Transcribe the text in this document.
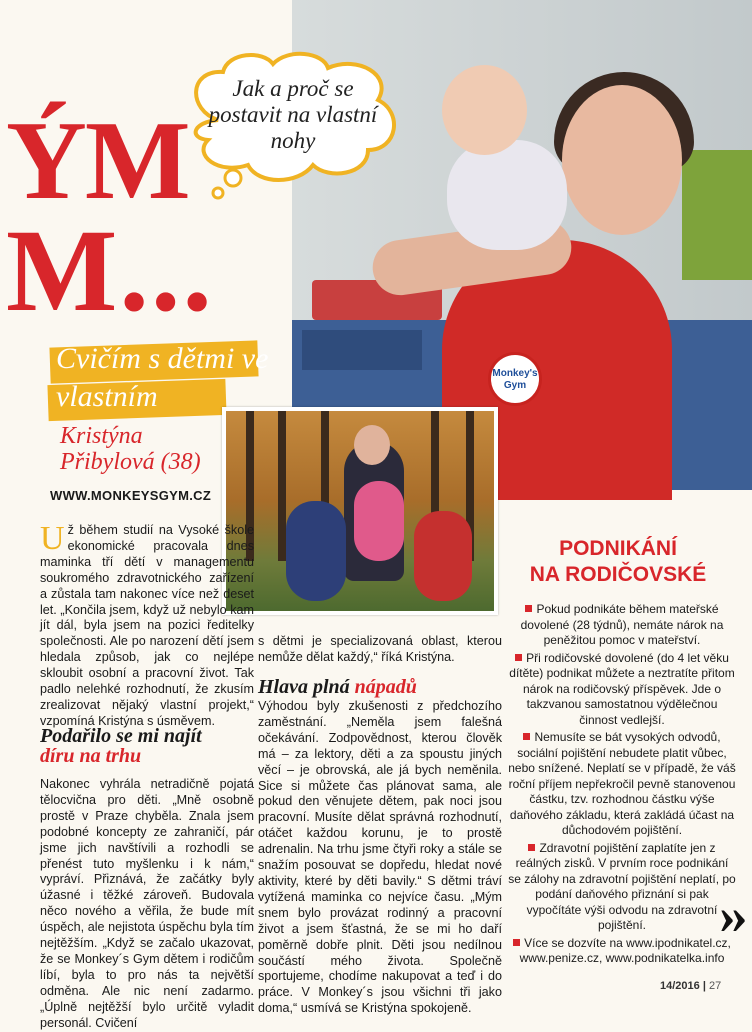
Monkey's Gym
ÝM
M...
Jak a proč se postavit na vlastní nohy
Cvičím s dětmi ve vlastním
Kristýna Přibylová (38)
WWW.MONKEYSGYM.CZ
Už během studií na Vysoké škole ekonomické pracovala dnes maminka tří dětí v managementu soukromého zdravotnického zařízení a zůstala tam nakonec více než deset let. „Končila jsem, když už nebylo kam jít dál, byla jsem na pozici ředitelky společnosti. Ale po narození dětí jsem hledala způsob, jak co nejlépe skloubit osobní a pracovní život. Tak padlo nelehké rozhodnutí, že zkusím zrealizovat nějaký vlastní projekt,“ vzpomíná Kristýna s úsměvem.
Podařilo se mi najít
díru na trhu
Nakonec vyhrála netradičně pojatá tělocvična pro děti. „Mně osobně prostě v Praze chyběla. Znala jsem podobné koncepty ze zahraničí, pár jsme jich navštívili a rozhodli se přenést tuto myšlenku i k nám,“ vypráví. Přiznává, že začátky byly úžasné i těžké zároveň. Budovala něco nového a věřila, že bude mít úspěch, ale nejistota úspěchu byla tím nejtěžším. „Když se začalo ukazovat, že se Monkey´s Gym dětem i rodičům líbí, byla to pro nás ta největší odměna. Ale nic není zadarmo. „Úplně nejtěžší bylo určitě vyladit personál. Cvičení
s dětmi je specializovaná oblast, kterou nemůže dělat každý,“ říká Kristýna.
Hlava plná nápadů
Výhodou byly zkušenosti z předchozího zaměstnání. „Neměla jsem falešná očekávání. Zodpovědnost, kterou člověk má – za lektory, děti a za spoustu jiných věcí – je obrovská, ale já bych neměnila. Sice si můžete čas plánovat sama, ale pokud den věnujete dětem, pak noci jsou pracovní. Musíte dělat správná rozhodnutí, otáčet každou korunu, je to prostě adrenalin. Na trhu jsme čtyři roky a stále se snažím posouvat se dopředu, hledat nové aktivity, které by děti bavily.“ S dětmi tráví vytížená maminka co nejvíce času. „Mým snem bylo provázat rodinný a pracovní život a jsem šťastná, že se mi ho daří poměrně dobře plnit. Děti jsou nedílnou součástí mého života. Společně sportujeme, chodíme nakupovat a teď i do práce. V Monkey´s jsou všichni tři jako doma,“ usmívá se Kristýna spokojeně.
PODNIKÁNÍ
NA RODIČOVSKÉ

Pokud podnikáte během mateřské dovolené (28 týdnů), nemáte nárok na peněžitou pomoc v mateřství.

Při rodičovské dovolené (do 4 let věku dítěte) podnikat můžete a neztratíte přitom nárok na rodičovský příspěvek. Jde o takzvanou samostatnou výdělečnou činnost vedlejší.

Nemusíte se bát vysokých odvodů, sociální pojištění nebudete platit vůbec, nebo snížené. Neplatí se v případě, že váš roční příjem nepřekročil pevně stanovenou částku, tzv. rozhodnou částku výše daňového základu, která zakládá účast na důchodovém pojištění.

Zdravotní pojištění zaplatíte jen z reálných zisků. V prvním roce podnikání se zálohy na zdravotní pojištění neplatí, po podání daňového přiznání si pak vypočítáte výši odvodu na zdravotní pojištění.

Více se dozvíte na www.ipodnikatel.cz, www.penize.cz, www.podnikatelka.info

››
14/2016 | 27
